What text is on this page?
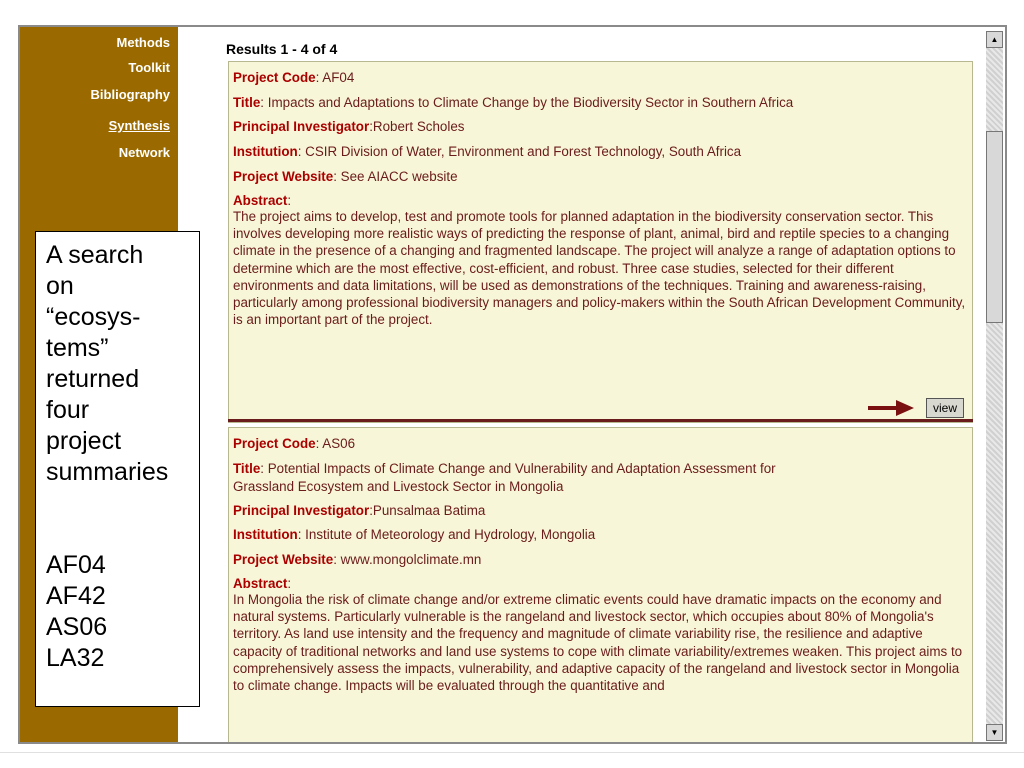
Methods
Toolkit
Bibliography
Synthesis
Network
Results 1 - 4 of 4
Project Code: AF04
Title: Impacts and Adaptations to Climate Change by the Biodiversity Sector in Southern Africa
Principal Investigator:Robert Scholes
Institution: CSIR Division of Water, Environment and Forest Technology, South Africa
Project Website: See AIACC website
Abstract:
The project aims to develop, test and promote tools for planned adaptation in the biodiversity conservation sector. This involves developing more realistic ways of predicting the response of plant, animal, bird and reptile species to a changing climate in the presence of a changing and fragmented landscape. The project will analyze a range of adaptation options to determine which are the most effective, cost-efficient, and robust. Three case studies, selected for their different environments and data limitations, will be used as demonstrations of the techniques. Training and awareness-raising, particularly among professional biodiversity managers and policy-makers within the South African Development Community, is an important part of the project.
view
Project Code: AS06
Title: Potential Impacts of Climate Change and Vulnerability and Adaptation Assessment for
Grassland Ecosystem and Livestock Sector in Mongolia
Principal Investigator:Punsalmaa Batima
Institution: Institute of Meteorology and Hydrology, Mongolia
Project Website: www.mongolclimate.mn
Abstract:
In Mongolia the risk of climate change and/or extreme climatic events could have dramatic impacts on the economy and natural systems. Particularly vulnerable is the rangeland and livestock sector, which occupies about 80% of Mongolia's territory. As land use intensity and the frequency and magnitude of climate variability rise, the resilience and adaptive capacity of traditional networks and land use systems to cope with climate variability/extremes weaken. This project aims to comprehensively assess the impacts, vulnerability, and adaptive capacity of the rangeland and livestock sector in Mongolia to climate change. Impacts will be evaluated through the quantitative and
▲
▼
A search
on
“ecosys-
tems”
returned
four
project
summaries
AF04
AF42
AS06
LA32
